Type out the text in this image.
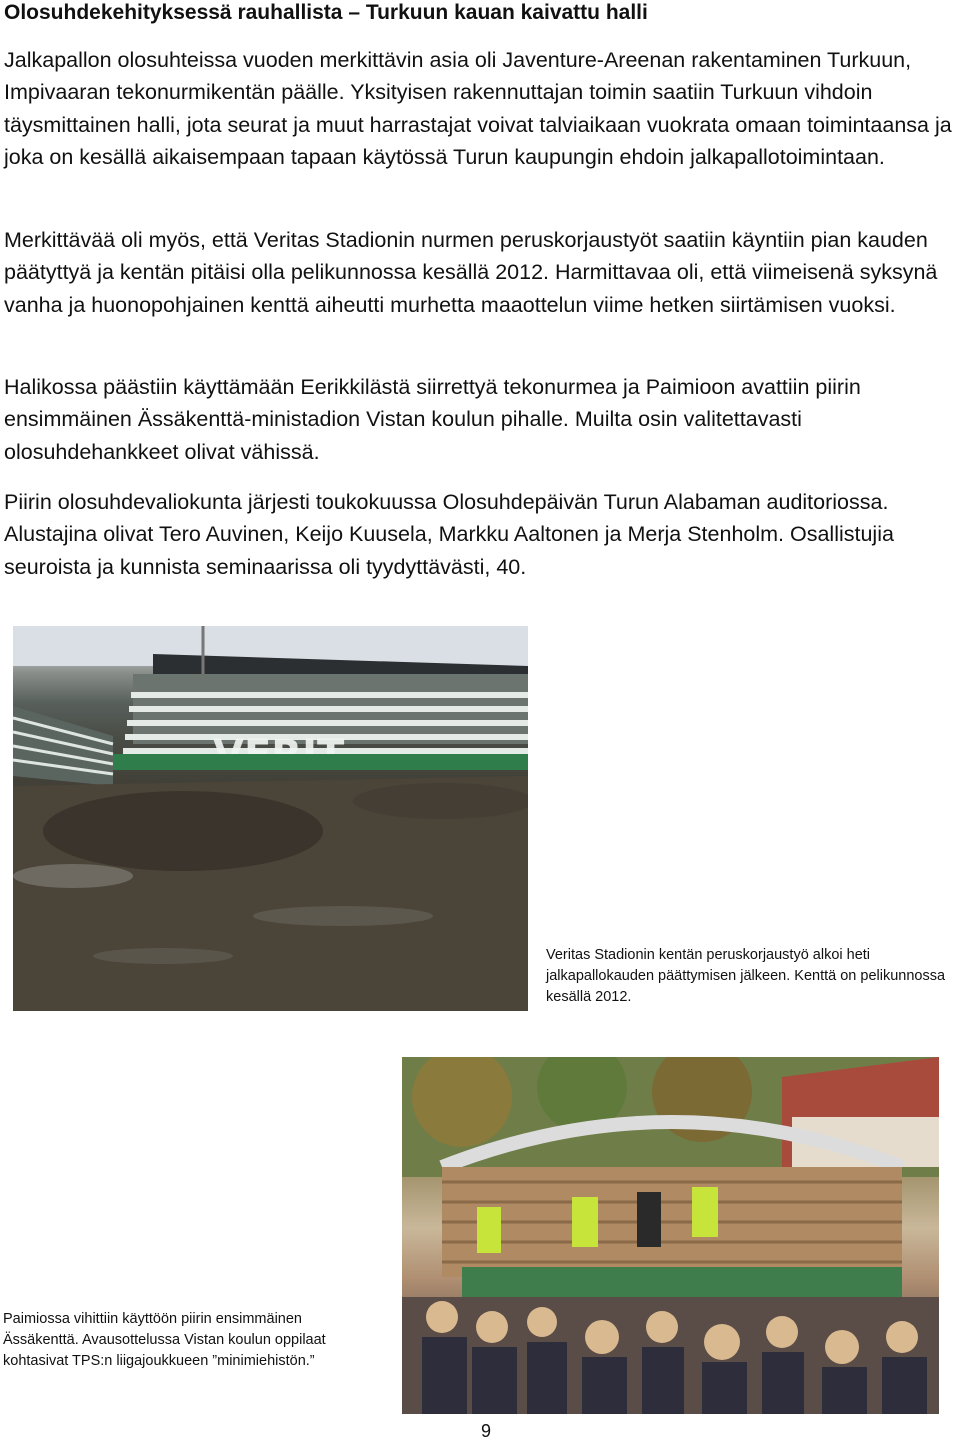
Olosuhdekehityksessä rauhallista – Turkuun kauan kaivattu halli

Jalkapallon olosuhteissa vuoden merkittävin asia oli Javenture-Areenan rakentaminen Turkuun, Impivaaran tekonurmikentän päälle. Yksityisen rakennuttajan toimin saatiin Turkuun vihdoin täysmittainen halli, jota seurat ja muut harrastajat voivat talviaikaan vuokrata omaan toimintaansa ja joka on kesällä aikaisempaan tapaan käytössä Turun kaupungin ehdoin jalkapallotoimintaan.

Merkittävää oli myös, että Veritas Stadionin nurmen peruskorjaustyöt saatiin käyntiin pian kauden päätyttyä ja kentän pitäisi olla pelikunnossa kesällä 2012. Harmittavaa oli, että viimeisenä syksynä vanha ja huonopohjainen kenttä aiheutti murhetta maaottelun viime hetken siirtämisen vuoksi.

Halikossa päästiin käyttämään Eerikkilästä siirrettyä tekonurmea ja Paimioon avattiin piirin ensimmäinen Ässäkenttä-ministadion Vistan koulun pihalle. Muilta osin valitettavasti olosuhdehankkeet olivat vähissä.

Piirin olosuhdevaliokunta järjesti toukokuussa Olosuhdepäivän Turun Alabaman auditoriossa. Alustajina olivat Tero Auvinen, Keijo Kuusela, Markku Aaltonen ja Merja Stenholm. Osallistujia seuroista ja kunnista seminaarissa oli tyydyttävästi, 40.

Veritas Stadionin kentän peruskorjaustyö alkoi heti jalkapallokauden päättymisen jälkeen. Kenttä on pelikunnossa kesällä 2012.

Paimiossa vihittiin käyttöön piirin ensimmäinen Ässäkenttä. Avausottelussa Vistan koulun oppilaat kohtasivat TPS:n liigajoukkueen ”minimiehistön.”

9
